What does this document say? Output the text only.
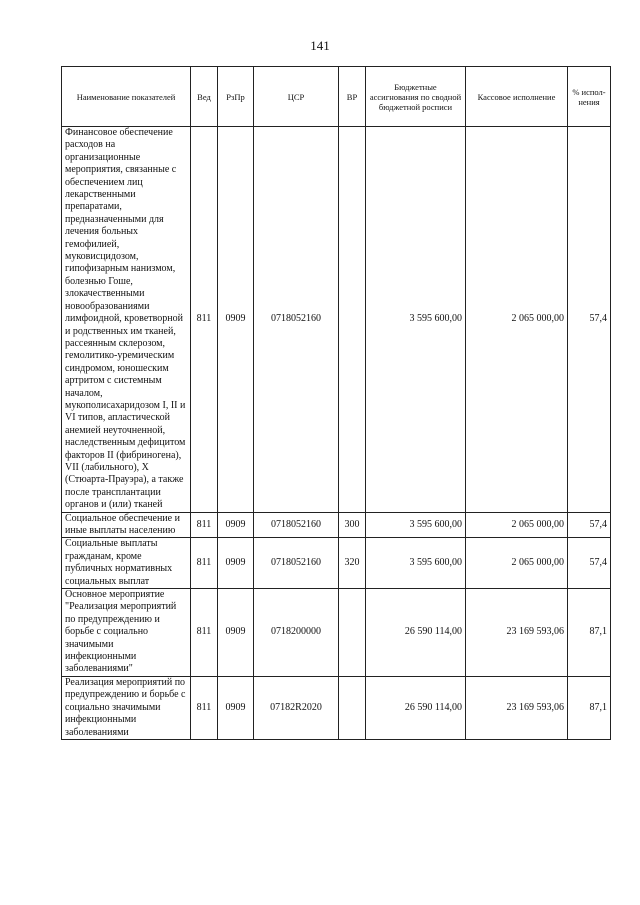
141
Наименование показателей	Вед	РзПр	ЦСР	ВР	Бюджетные ассигнования по сводной бюджетной росписи	Кассовое исполнение	% испол-нения
Финансовое обеспечение расходов на организационные мероприятия, связанные с обеспечением лиц лекарственными препаратами, предназначенными для лечения больных гемофилией, муковисцидозом, гипофизарным нанизмом, болезнью Гоше, злокачественными новообразованиями лимфоидной, кроветворной и родственных им тканей, рассеянным склерозом, гемолитико-уремическим синдромом, юношеским артритом с системным началом, мукополисахаридозом I, II и VI типов, апластической анемией неуточненной, наследственным дефицитом факторов II (фибриногена), VII (лабильного), X (Стюарта-Прауэра), а также после трансплантации органов и (или) тканей	811	0909	0718052160		3 595 600,00	2 065 000,00	57,4
Социальное обеспечение и иные выплаты населению	811	0909	0718052160	300	3 595 600,00	2 065 000,00	57,4
Социальные выплаты гражданам, кроме публичных нормативных социальных выплат	811	0909	0718052160	320	3 595 600,00	2 065 000,00	57,4
Основное мероприятие "Реализация мероприятий по предупреждению и борьбе с социально значимыми инфекционными заболеваниями"	811	0909	0718200000		26 590 114,00	23 169 593,06	87,1
Реализация мероприятий по предупреждению и борьбе с социально значимыми инфекционными заболеваниями	811	0909	07182R2020		26 590 114,00	23 169 593,06	87,1
